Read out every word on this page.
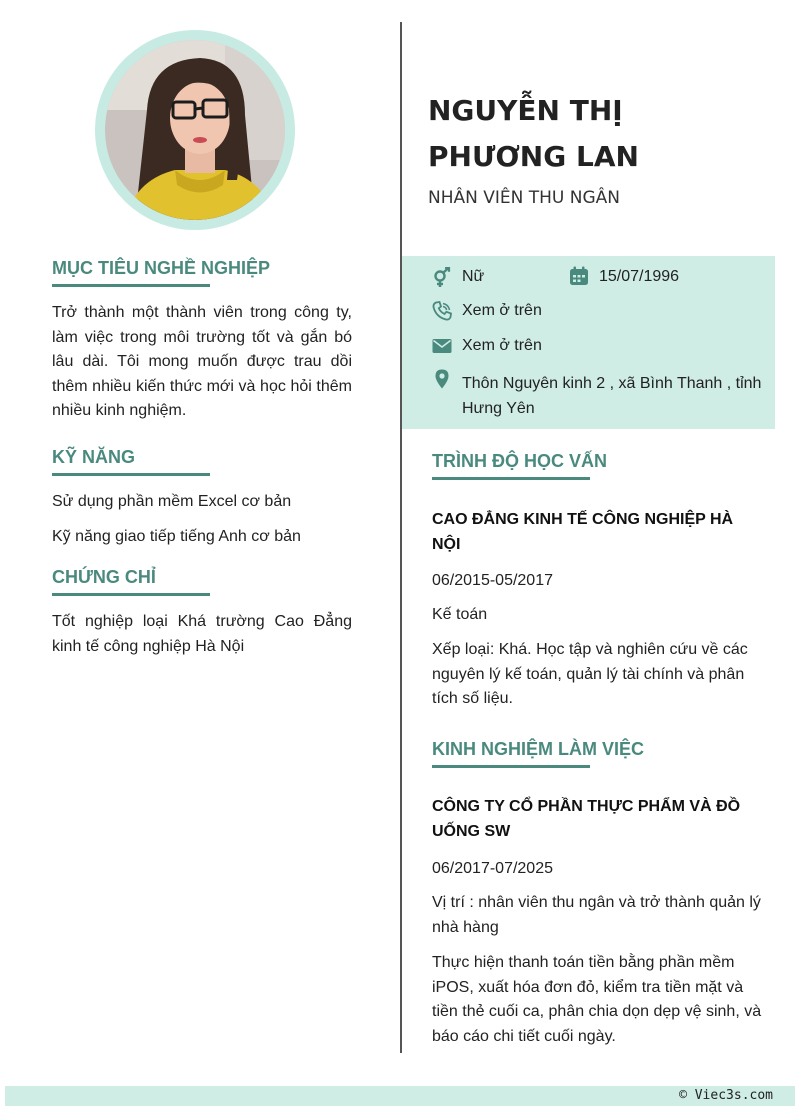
MỤC TIÊU NGHỀ NGHIỆP
Trở thành một thành viên trong công ty, làm việc trong môi trường tốt và gắn bó lâu dài. Tôi mong muốn được trau dồi thêm nhiều kiến thức mới và học hỏi thêm nhiều kinh nghiệm.
KỸ NĂNG
Sử dụng phần mềm Excel cơ bản
Kỹ năng giao tiếp tiếng Anh cơ bản
CHỨNG CHỈ
Tốt nghiệp loại Khá trường Cao Đẳng kinh tế công nghiệp Hà Nội
NGUYỄN THỊ PHƯƠNG LAN
NHÂN VIÊN THU NGÂN
Nữ	15/07/1996
Xem ở trên
Xem ở trên
Thôn Nguyên kinh 2 , xã Bình Thanh , tỉnh Hưng Yên
TRÌNH ĐỘ HỌC VẤN
CAO ĐẲNG KINH TẾ CÔNG NGHIỆP HÀ NỘI
06/2015-05/2017
Kế toán
Xếp loại: Khá. Học tập và nghiên cứu về các nguyên lý kế toán, quản lý tài chính và phân tích số liệu.
KINH NGHIỆM LÀM VIỆC
CÔNG TY CỔ PHẦN THỰC PHẨM VÀ ĐỒ UỐNG SW
06/2017-07/2025
Vị trí : nhân viên thu ngân và trở thành quản lý nhà hàng
Thực hiện thanh toán tiền bằng phần mềm iPOS, xuất hóa đơn đỏ, kiểm tra tiền mặt và tiền thẻ cuối ca, phân chia dọn dẹp vệ sinh, và báo cáo chi tiết cuối ngày.
© Viec3s.com
